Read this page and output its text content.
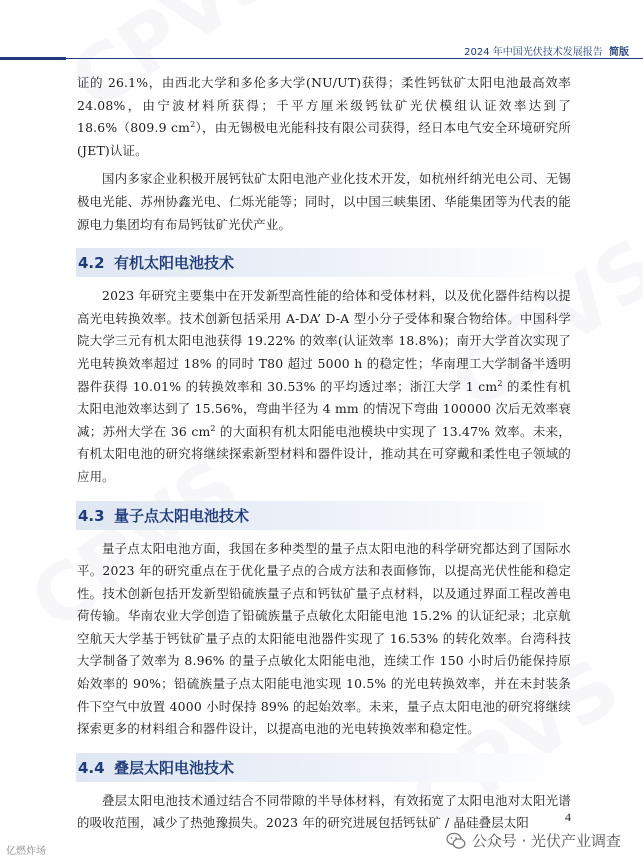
2024 年中国光伏技术发展报告 简版

证的 26.1%，由西北大学和多伦多大学(NU/UT)获得；柔性钙钛矿太阳电池最高效率 24.08%，由宁波材料所获得；千平方厘米级钙钛矿光伏模组认证效率达到了 18.6%（809.9 $cm^2$），由无锡极电光能科技有限公司获得，经日本电气安全环境研究所(JET)认证。

国内多家企业积极开展钙钛矿太阳电池产业化技术开发，如杭州纤纳光电公司、无锡极电光能、苏州协鑫光电、仁烁光能等；同时，以中国三峡集团、华能集团等为代表的能源电力集团均有布局钙钛矿光伏产业。

4.2 有机太阳电池技术

2023 年研究主要集中在开发新型高性能的给体和受体材料，以及优化器件结构以提高光电转换效率。技术创新包括采用 A-DA’ D-A 型小分子受体和聚合物给体。中国科学院大学三元有机太阳电池获得 19.22% 的效率(认证效率 18.8%)；南开大学首次实现了光电转换效率超过 18% 的同时 T80 超过 5000 h 的稳定性；华南理工大学制备半透明器件获得 10.01% 的转换效率和 30.53% 的平均透过率；浙江大学 1 $cm^2$ 的柔性有机太阳电池效率达到了 15.56%，弯曲半径为 4 mm 的情况下弯曲 100000 次后无效率衰减；苏州大学在 36 $cm^2$ 的大面积有机太阳能电池模块中实现了 13.47% 效率。未来，有机太阳电池的研究将继续探索新型材料和器件设计，推动其在可穿戴和柔性电子领域的应用。

4.3 量子点太阳电池技术

量子点太阳电池方面，我国在多种类型的量子点太阳电池的科学研究都达到了国际水平。2023 年的研究重点在于优化量子点的合成方法和表面修饰，以提高光伏性能和稳定性。技术创新包括开发新型铅硫族量子点和钙钛矿量子点材料，以及通过界面工程改善电荷传输。华南农业大学创造了铅硫族量子点敏化太阳能电池 15.2% 的认证纪录；北京航空航天大学基于钙钛矿量子点的太阳能电池器件实现了 16.53% 的转化效率。台湾科技大学制备了效率为 8.96% 的量子点敏化太阳能电池，连续工作 150 小时后仍能保持原始效率的 90%；铅硫族量子点太阳能电池实现 10.5% 的光电转换效率，并在未封装条件下空气中放置 4000 小时保持 89% 的起始效率。未来，量子点太阳电池的研究将继续探索更多的材料组合和器件设计，以提高电池的光电转换效率和稳定性。

4.4 叠层太阳电池技术

叠层太阳电池技术通过结合不同带隙的半导体材料，有效拓宽了太阳电池对太阳光谱的吸收范围，减少了热弛豫损失。2023 年的研究进展包括钙钛矿 / 晶硅叠层太阳	4
亿燃炸场
公众号 · 光伏产业调查
